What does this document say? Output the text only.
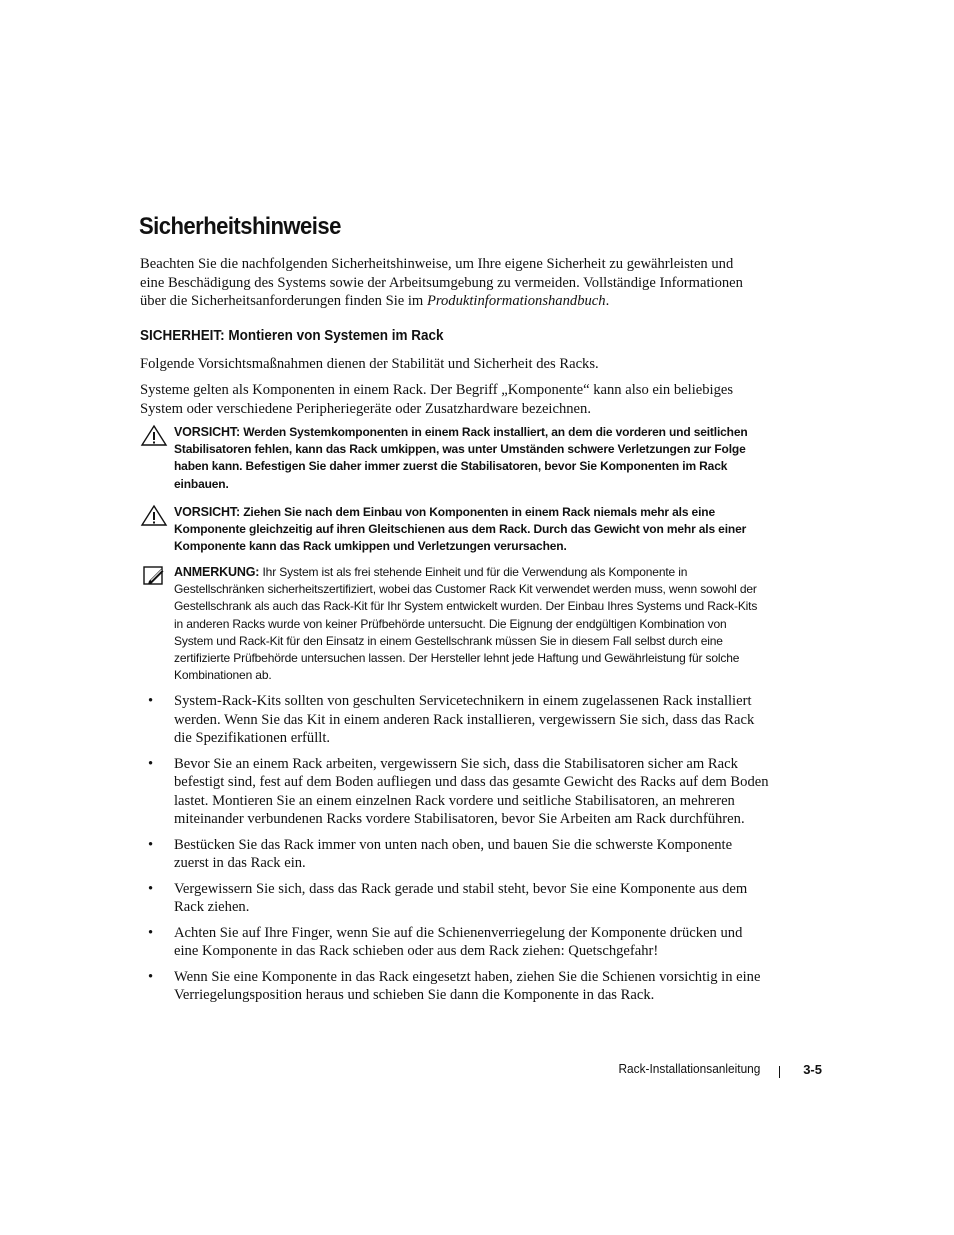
Sicherheitshinweise

Beachten Sie die nachfolgenden Sicherheitshinweise, um Ihre eigene Sicherheit zu gewährleisten und eine Beschädigung des Systems sowie der Arbeitsumgebung zu vermeiden. Vollständige Informationen über die Sicherheitsanforderungen finden Sie im Produktinformationshandbuch.

SICHERHEIT: Montieren von Systemen im Rack

Folgende Vorsichtsmaßnahmen dienen der Stabilität und Sicherheit des Racks.

Systeme gelten als Komponenten in einem Rack. Der Begriff „Komponente“ kann also ein beliebiges System oder verschiedene Peripheriegeräte oder Zusatzhardware bezeichnen.

VORSICHT: Werden Systemkomponenten in einem Rack installiert, an dem die vorderen und seitlichen Stabilisatoren fehlen, kann das Rack umkippen, was unter Umständen schwere Verletzungen zur Folge haben kann. Befestigen Sie daher immer zuerst die Stabilisatoren, bevor Sie Komponenten im Rack einbauen.

VORSICHT: Ziehen Sie nach dem Einbau von Komponenten in einem Rack niemals mehr als eine Komponente gleichzeitig auf ihren Gleitschienen aus dem Rack. Durch das Gewicht von mehr als einer Komponente kann das Rack umkippen und Verletzungen verursachen.

ANMERKUNG: Ihr System ist als frei stehende Einheit und für die Verwendung als Komponente in Gestellschränken sicherheitszertifiziert, wobei das Customer Rack Kit verwendet werden muss, wenn sowohl der Gestellschrank als auch das Rack-Kit für Ihr System entwickelt wurden. Der Einbau Ihres Systems und Rack-Kits in anderen Racks wurde von keiner Prüfbehörde untersucht. Die Eignung der endgültigen Kombination von System und Rack-Kit für den Einsatz in einem Gestellschrank müssen Sie in diesem Fall selbst durch eine zertifizierte Prüfbehörde untersuchen lassen. Der Hersteller lehnt jede Haftung und Gewährleistung für solche Kombinationen ab.

• System-Rack-Kits sollten von geschulten Servicetechnikern in einem zugelassenen Rack installiert werden. Wenn Sie das Kit in einem anderen Rack installieren, vergewissern Sie sich, dass das Rack die Spezifikationen erfüllt.
• Bevor Sie an einem Rack arbeiten, vergewissern Sie sich, dass die Stabilisatoren sicher am Rack befestigt sind, fest auf dem Boden aufliegen und dass das gesamte Gewicht des Racks auf dem Boden lastet. Montieren Sie an einem einzelnen Rack vordere und seitliche Stabilisatoren, an mehreren miteinander verbundenen Racks vordere Stabilisatoren, bevor Sie Arbeiten am Rack durchführen.
• Bestücken Sie das Rack immer von unten nach oben, und bauen Sie die schwerste Komponente zuerst in das Rack ein.
• Vergewissern Sie sich, dass das Rack gerade und stabil steht, bevor Sie eine Komponente aus dem Rack ziehen.
• Achten Sie auf Ihre Finger, wenn Sie auf die Schienenverriegelung der Komponente drücken und eine Komponente in das Rack schieben oder aus dem Rack ziehen: Quetschgefahr!
• Wenn Sie eine Komponente in das Rack eingesetzt haben, ziehen Sie die Schienen vorsichtig in eine Verriegelungsposition heraus und schieben Sie dann die Komponente in das Rack.
Rack-Installationsanleitung	3-5
